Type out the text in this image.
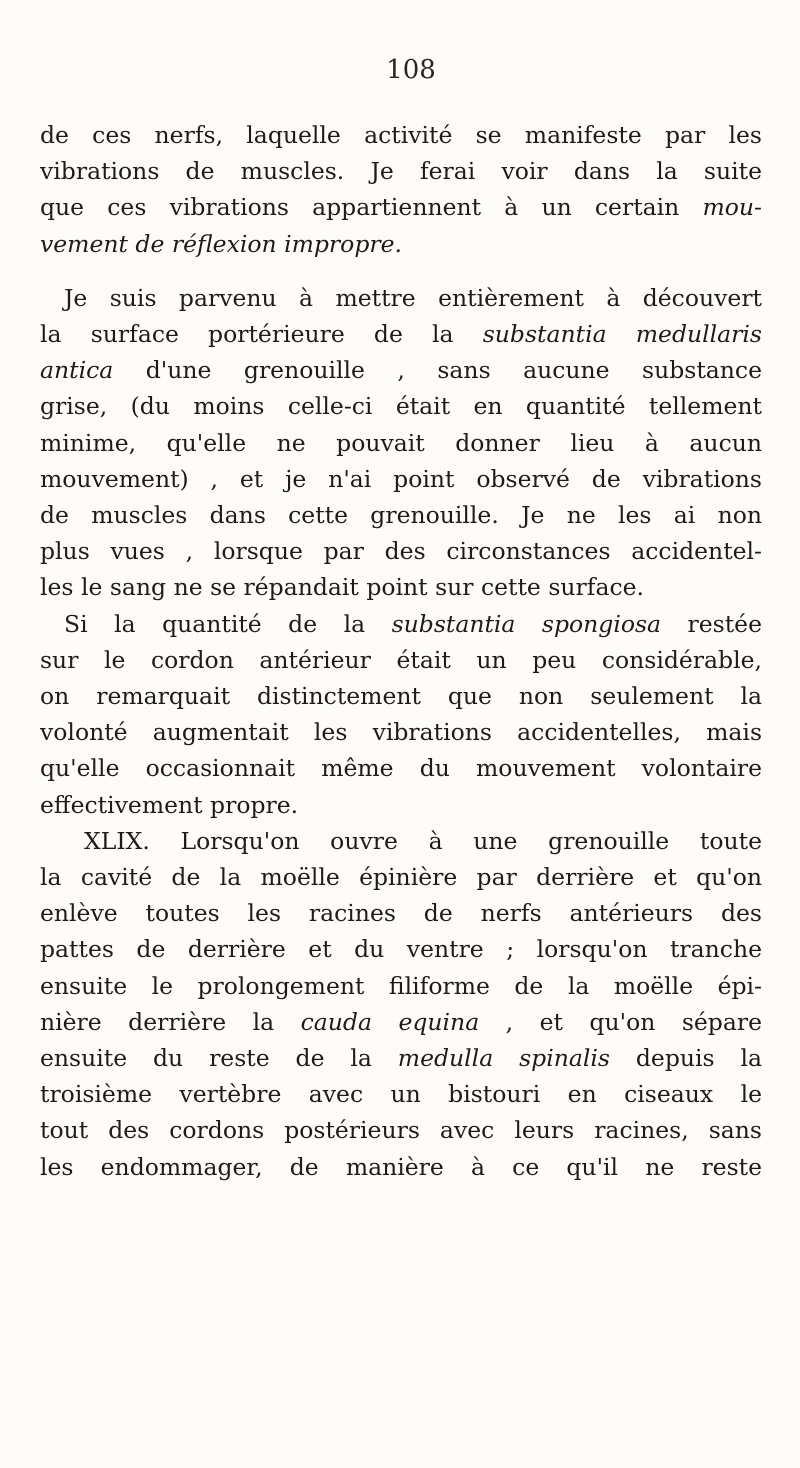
108
de ces nerfs, laquelle activité se manifeste par les
vibrations de muscles. Je ferai voir dans la suite
que ces vibrations appartiennent à un certain mou-
vement de réflexion impropre.
Je suis parvenu à mettre entièrement à découvert
la surface portérieure de la substantia medullaris
antica d'une grenouille , sans aucune substance
grise, (du moins celle-ci était en quantité tellement
minime, qu'elle ne pouvait donner lieu à aucun
mouvement) , et je n'ai point observé de vibrations
de muscles dans cette grenouille. Je ne les ai non
plus vues , lorsque par des circonstances accidentel-
les le sang ne se répandait point sur cette surface.
Si la quantité de la substantia spongiosa restée
sur le cordon antérieur était un peu considérable,
on remarquait distinctement que non seulement la
volonté augmentait les vibrations accidentelles, mais
qu'elle occasionnait même du mouvement volontaire
effectivement propre.
XLIX. Lorsqu'on ouvre à une grenouille toute
la cavité de la moëlle épinière par derrière et qu'on
enlève toutes les racines de nerfs antérieurs des
pattes de derrière et du ventre ; lorsqu'on tranche
ensuite le prolongement filiforme de la moëlle épi-
nière derrière la cauda equina , et qu'on sépare
ensuite du reste de la medulla spinalis depuis la
troisième vertèbre avec un bistouri en ciseaux le
tout des cordons postérieurs avec leurs racines, sans
les endommager, de manière à ce qu'il ne reste
